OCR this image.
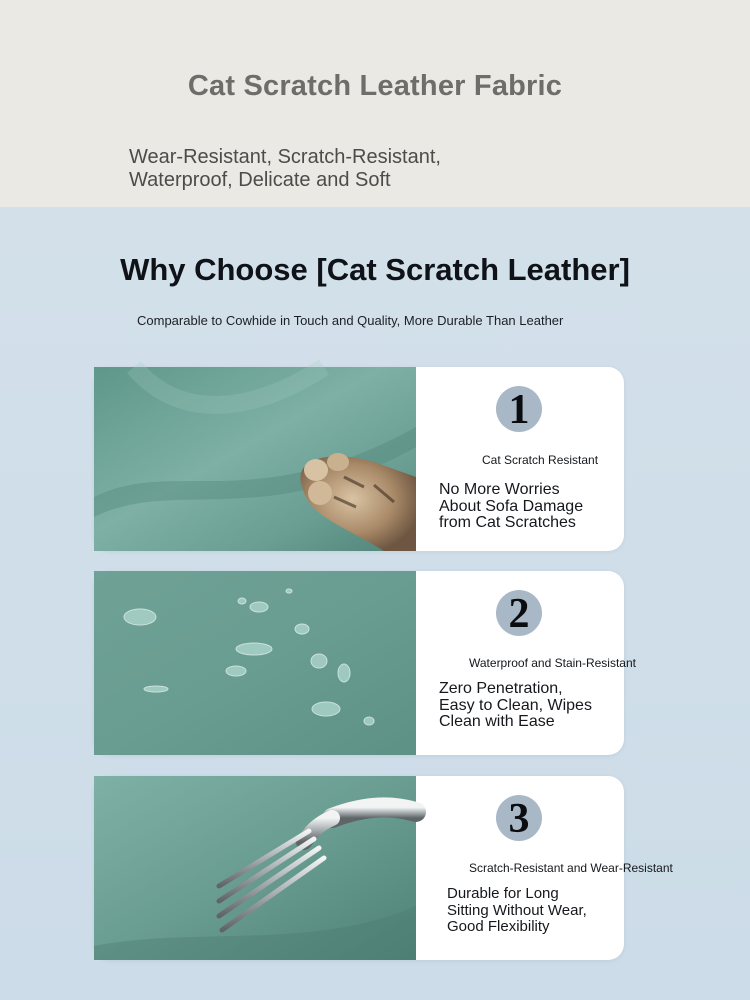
Cat Scratch Leather Fabric
Wear-Resistant, Scratch-Resistant,
Waterproof, Delicate and Soft
Why Choose [Cat Scratch Leather]
Comparable to Cowhide in Touch and Quality, More Durable Than Leather
1
Cat Scratch Resistant
No More Worries
About Sofa Damage
from Cat Scratches
2
Waterproof and Stain-Resistant
Zero Penetration,
Easy to Clean, Wipes
Clean with Ease
3
Scratch-Resistant and Wear-Resistant
Durable for Long
Sitting Without Wear,
Good Flexibility
